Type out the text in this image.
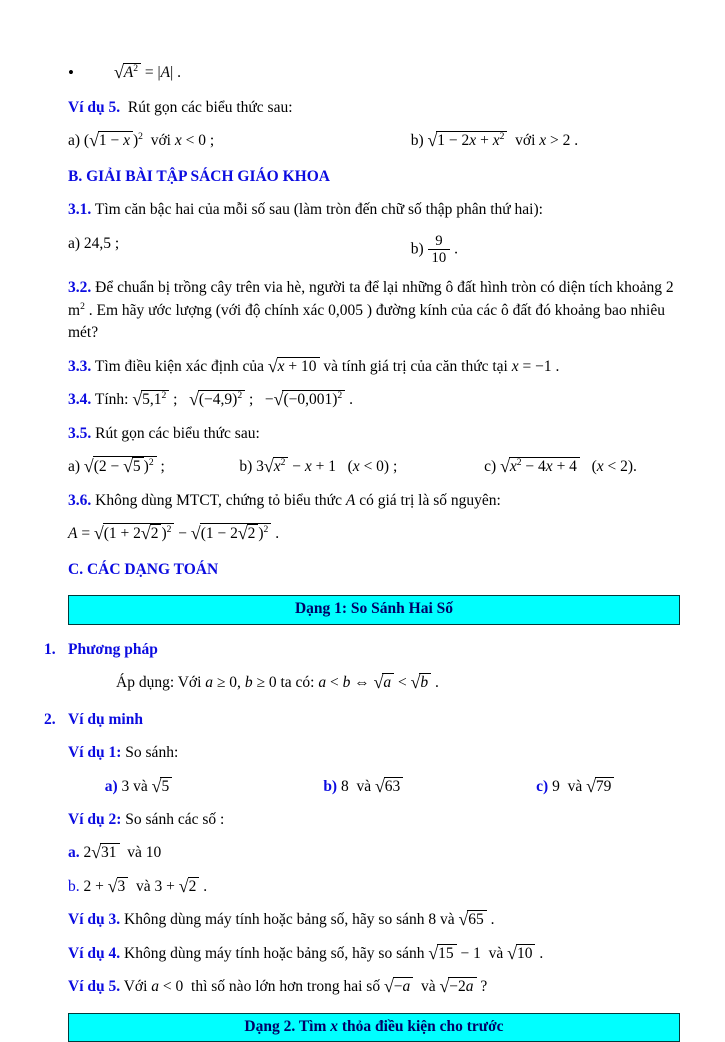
•	$√A^2 = |A|$ .
Ví dụ 5.  Rút gọn các biểu thức sau:
a) (√1 − x )$^2$  với x < 0 ;	b) $√1 - 2x + x^2$  với x > 2 .
B. GIẢI BÀI TẬP SÁCH GIÁO KHOA
3.1. Tìm căn bậc hai của mỗi số sau (làm tròn đến chữ số thập phân thứ hai):
a) 24,5 ;	$b) \frac{9}{10}$ .
3.2. Để chuẩn bị trồng cây trên via hè, người ta để lại những ô đất hình tròn có diện tích khoảng 2 $m^2$ . Em hãy ước lượng (với độ chính xác 0,005 ) đường kính của các ô đất đó khoảng bao nhiêu mét?
3.3. Tìm điều kiện xác định của √x + 10 và tính giá trị của căn thức tại x = −1 .
3.4. Tính: $√5,1^2$ ;   $√(-4,9)^2$ ;   $-√(-0,001)^2$ .
3.5. Rút gọn các biểu thức sau:
a) √(2 − √5 )$^2$ ;	b) $3√x^2 - x + 1$   (x < 0) ;	c) $√x^2 - 4x + 4$   (x < 2).
3.6. Không dùng MTCT, chứng tỏ biểu thức A có giá trị là số nguyên:
A = √(1 + 2√2 )$^2$ − √(1 − 2√2 )$^2$ .
C. CÁC DẠNG TOÁN
Dạng 1: So Sánh Hai Số
1. Phương pháp
Áp dụng: Với a ≥ 0, b ≥ 0 ta có: a < b ⇔ √a < √b .
2. Ví dụ minh
Ví dụ 1: So sánh:
a) 3 và √5	b) 8  và √63	c) 9  và √79
Ví dụ 2: So sánh các số :
a. 2√31  và 10
b. 2 + √3  và 3 + √2 .
Ví dụ 3. Không dùng máy tính hoặc bảng số, hãy so sánh 8 và √65 .
Ví dụ 4. Không dùng máy tính hoặc bảng số, hãy so sánh √15 − 1  và √10 .
Ví dụ 5. Với a < 0  thì số nào lớn hơn trong hai số √−a  và √−2a ?
Dạng 2. Tìm x thỏa điều kiện cho trước
